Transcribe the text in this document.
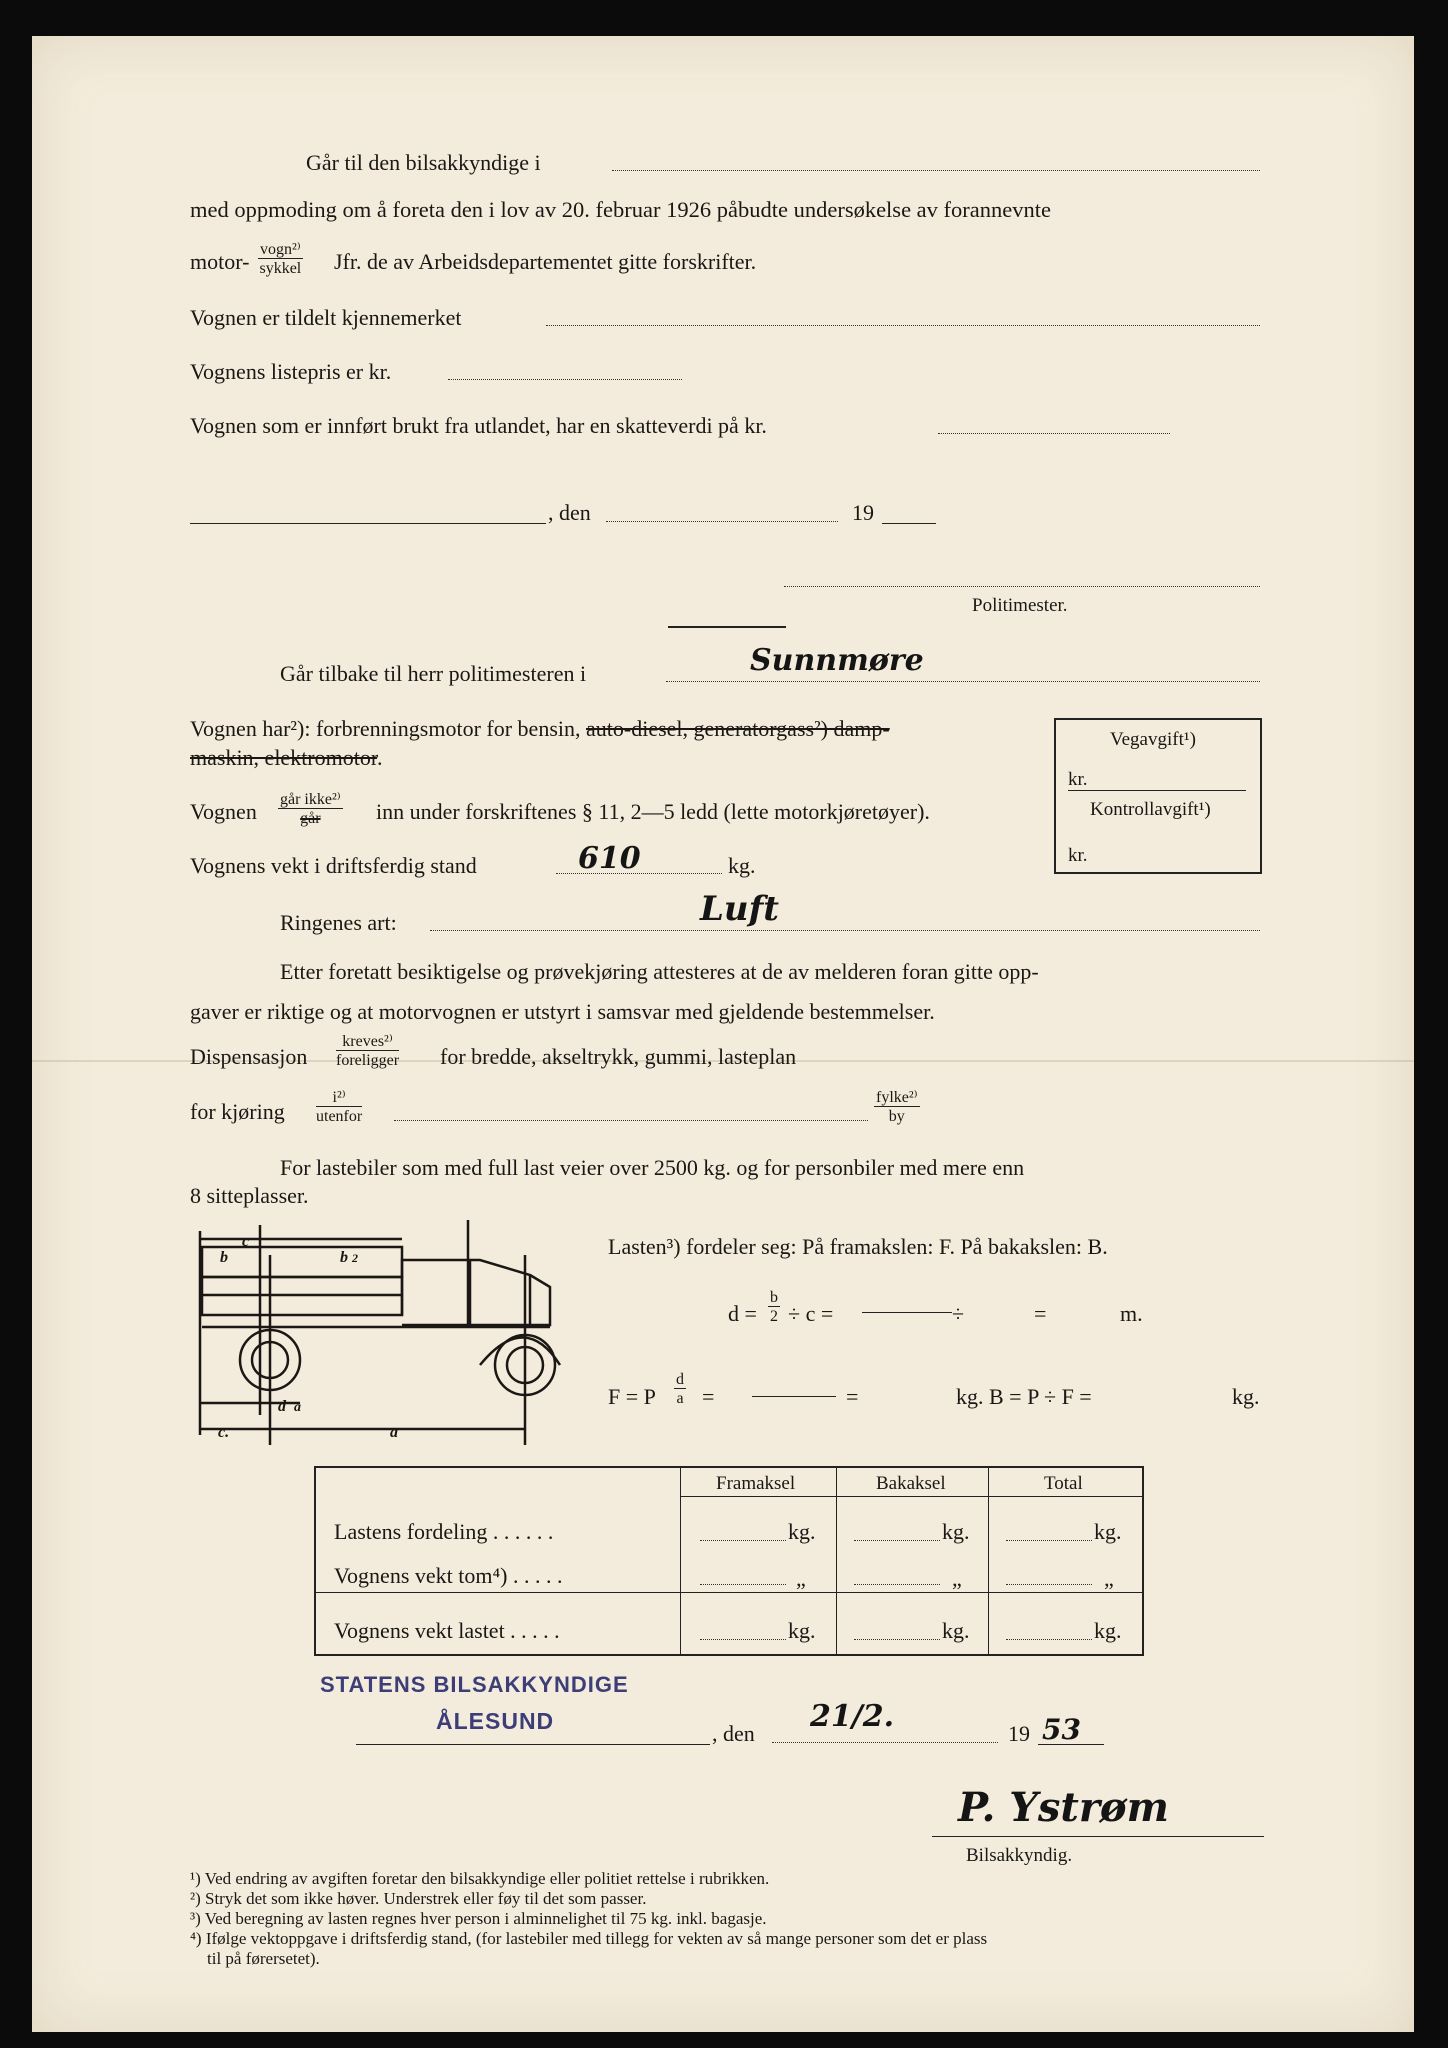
Går til den bilsakkyndige i
med oppmoding om å foreta den i lov av 20. februar 1926 påbudte undersøkelse av forannevnte
motor- vogn²⁾
sykkel Jfr. de av Arbeidsdepartementet gitte forskrifter.
Vognen er tildelt kjennemerket
Vognens listepris er kr.
Vognen som er innført brukt fra utlandet, har en skatteverdi på kr.
, den	19
Politimester.
Går tilbake til herr politimesteren i	Sunnmøre
Vognen har²): forbrenningsmotor for bensin, auto-diesel, generatorgass²) damp-
maskin, elektromotor.
Vegavgift¹)
kr.
Kontrollavgift¹)
kr.
Vognen går ikke²⁾
går	inn under forskriftenes § 11, 2—5 ledd (lette motorkjøretøyer).
Vognens vekt i driftsferdig stand	610	kg.
Ringenes art:	Luft
Etter foretatt besiktigelse og prøvekjøring attesteres at de av melderen foran gitte opp-
gaver er riktige og at motorvognen er utstyrt i samsvar med gjeldende bestemmelser.
Dispensasjon
kreves²⁾
foreligger for bredde, akseltrykk, gummi, lasteplan
for kjøring
i²⁾
utenfor
fylke²⁾
by
For lastebiler som med full last veier over 2500 kg. og for personbiler med mere enn
8 sitteplasser.
c
b	b 2
d a
a
c.
Lasten³) fordeler seg: På framakslen: F. På bakakslen: B.
$d = \frac{b}{2} \div c$ =	÷	=	m.
F = P $\frac{d}{a}$ =	=	kg. B = P ÷ F =	kg.
Framaksel	Bakaksel	Total
Lastens fordeling . . . . . .	kg.	kg.	kg.
Vognens vekt tom⁴) . . . . .	„	„	„
Vognens vekt lastet . . . . .	kg.	kg.	kg.
STATENS BILSAKKYNDIGE
ÅLESUND	, den 21/2.	19 53
P. Ystrøm
Bilsakkyndig.
¹) Ved endring av avgiften foretar den bilsakkyndige eller politiet rettelse i rubrikken.
²) Stryk det som ikke høver. Understrek eller føy til det som passer.
³) Ved beregning av lasten regnes hver person i alminnelighet til 75 kg. inkl. bagasje.
⁴) Ifølge vektoppgave i driftsferdig stand, (for lastebiler med tillegg for vekten av så mange personer som det er plass
til på førersetet).
